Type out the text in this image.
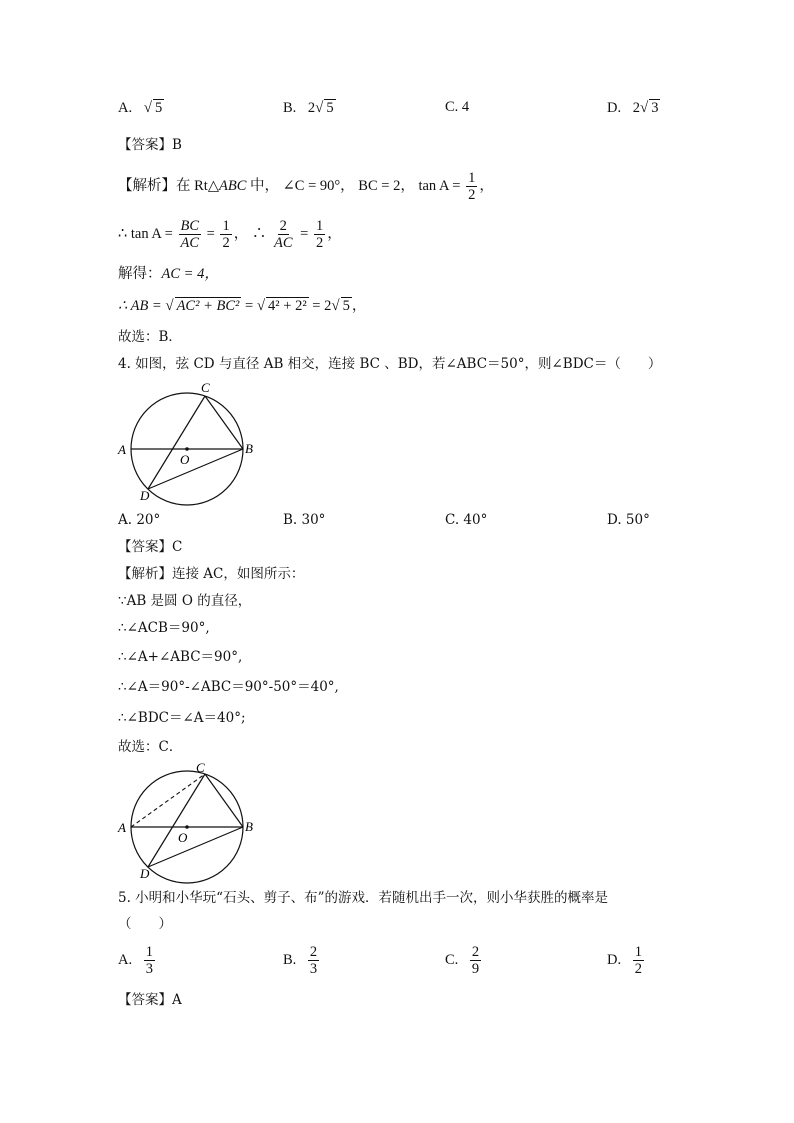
A. √ 5	B. 2√ 5	C. 4	D. 2√ 3
【答案】B
【解析】在 Rt△ABC 中， ∠C = 90°， BC = 2， $\tan A = \frac{1}{2}$ ，
∴ $\tan A = \frac{BC}{AC} = \frac{1}{2}$ ， ∴ $\frac{2}{AC} = \frac{1}{2}$ ，
解得：AC = 4，
∴ AB = √ AC² + BC² = √ 4² + 2² = 2√ 5 ，
故选：B．
4. 如图，弦 CD 与直径 AB 相交，连接 BC 、BD，若∠ABC＝50°，则∠BDC＝（　　）
A	B
C
D
O
A. 20°	B. 30°	C. 40°	D. 50°
【答案】C
【解析】连接 AC，如图所示：
∵AB 是圆 O 的直径，
∴∠ACB＝90°,
∴∠A+∠ABC＝90°,
∴∠A＝90°-∠ABC＝90°-50°＝40°,
∴∠BDC＝∠A＝40°;
故选：C．
A	B
C
D
O
5. 小明和小华玩“石头、剪子、布”的游戏．若随机出手一次，则小华获胜的概率是
（　　）
A. $\frac{1}{3}$	B. $\frac{2}{3}$	C. $\frac{2}{9}$	D. $\frac{1}{2}$
【答案】A
